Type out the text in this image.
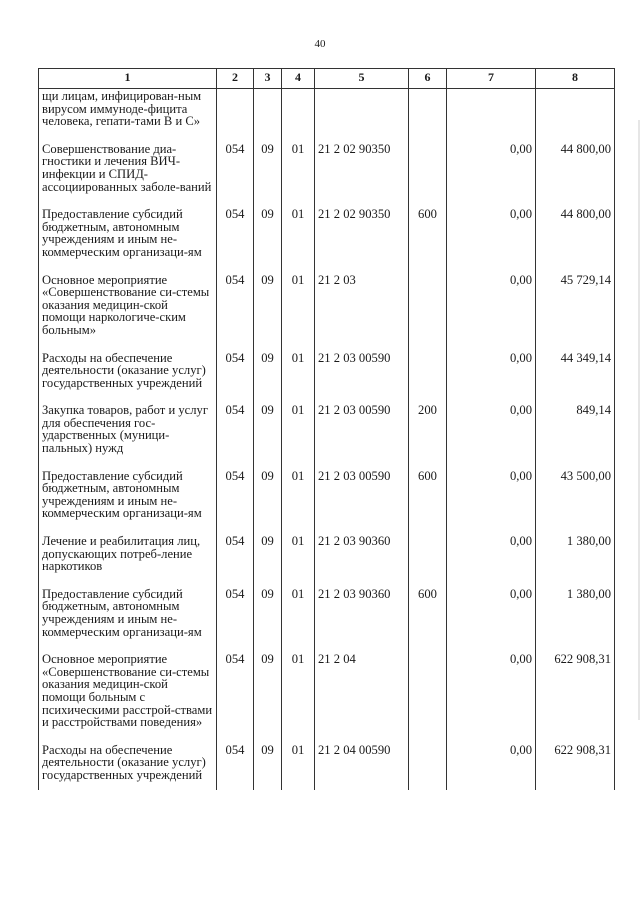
40
1	2	3	4	5	6	7	8
щи лицам, инфицирован-ным вирусом иммуноде-фицита человека, гепати-тами В и С»							
Совершенствование диа-гностики и лечения ВИЧ-инфекции и СПИД-ассоциированных заболе-ваний	054	09	01	21 2 02 90350		0,00	44 800,00
Предоставление субсидий бюджетным, автономным учреждениям и иным не-коммерческим организаци-ям	054	09	01	21 2 02 90350	600	0,00	44 800,00
Основное мероприятие «Совершенствование си-стемы оказания медицин-ской помощи наркологиче-ским больным»	054	09	01	21 2 03		0,00	45 729,14
Расходы на обеспечение деятельности (оказание услуг) государственных учреждений	054	09	01	21 2 03 00590		0,00	44 349,14
Закупка товаров, работ и услуг для обеспечения гос-ударственных (муници-пальных) нужд	054	09	01	21 2 03 00590	200	0,00	849,14
Предоставление субсидий бюджетным, автономным учреждениям и иным не-коммерческим организаци-ям	054	09	01	21 2 03 00590	600	0,00	43 500,00
Лечение и реабилитация лиц, допускающих потреб-ление наркотиков	054	09	01	21 2 03 90360		0,00	1 380,00
Предоставление субсидий бюджетным, автономным учреждениям и иным не-коммерческим организаци-ям	054	09	01	21 2 03 90360	600	0,00	1 380,00
Основное мероприятие «Совершенствование си-стемы оказания медицин-ской помощи больным с психическими расстрой-ствами и расстройствами поведения»	054	09	01	21 2 04		0,00	622 908,31
Расходы на обеспечение деятельности (оказание услуг) государственных учреждений	054	09	01	21 2 04 00590		0,00	622 908,31
